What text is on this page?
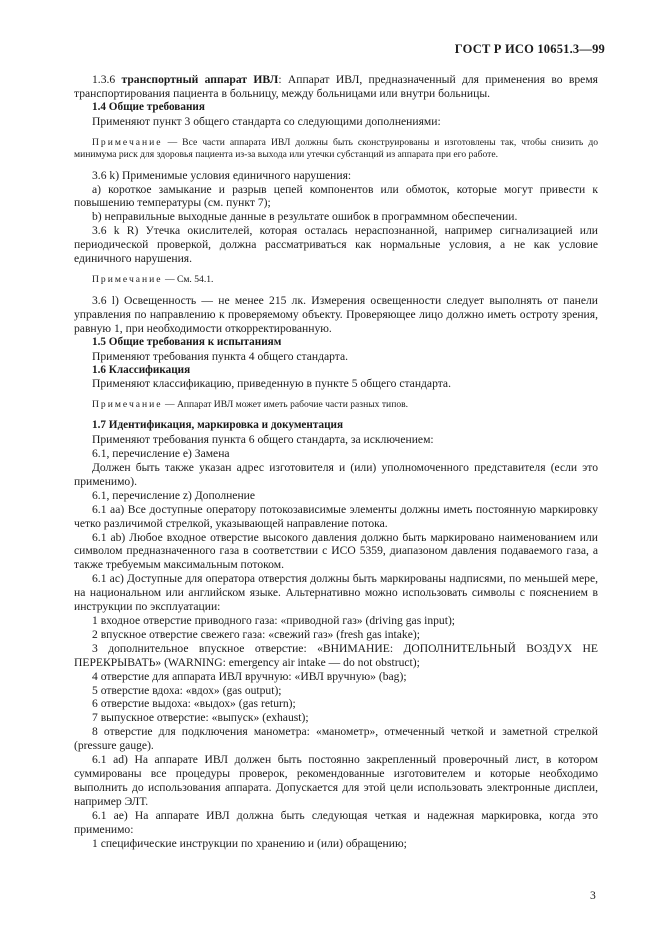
ГОСТ Р ИСО 10651.3—99

1.3.6 транспортный аппарат ИВЛ: Аппарат ИВЛ, предназначенный для применения во время транспортирования пациента в больницу, между больницами или внутри больницы.

1.4 Общие требования

Применяют пункт 3 общего стандарта со следующими дополнениями:

Примечание — Все части аппарата ИВЛ должны быть сконструированы и изготовлены так, чтобы снизить до минимума риск для здоровья пациента из-за выхода или утечки субстанций из аппарата при его работе.

3.6 k) Применимые условия единичного нарушения:

а) короткое замыкание и разрыв цепей компонентов или обмоток, которые могут привести к повышению температуры (см. пункт 7);

b) неправильные выходные данные в результате ошибок в программном обеспечении.

3.6 k R) Утечка окислителей, которая осталась нераспознанной, например сигнализацией или периодической проверкой, должна рассматриваться как нормальные условия, а не как условие единичного нарушения.

Примечание — См. 54.1.

3.6 l) Освещенность — не менее 215 лк. Измерения освещенности следует выполнять от панели управления по направлению к проверяемому объекту. Проверяющее лицо должно иметь остроту зрения, равную 1, при необходимости откорректированную.

1.5 Общие требования к испытаниям

Применяют требования пункта 4 общего стандарта.

1.6 Классификация

Применяют классификацию, приведенную в пункте 5 общего стандарта.

Примечание — Аппарат ИВЛ может иметь рабочие части разных типов.

1.7 Идентификация, маркировка и документация

Применяют требования пункта 6 общего стандарта, за исключением:

6.1, перечисление е) Замена

Должен быть также указан адрес изготовителя и (или) уполномоченного представителя (если это применимо).

6.1, перечисление z) Дополнение

6.1 аа) Все доступные оператору потокозависимые элементы должны иметь постоянную маркировку четко различимой стрелкой, указывающей направление потока.

6.1 ab) Любое входное отверстие высокого давления должно быть маркировано наименованием или символом предназначенного газа в соответствии с ИСО 5359, диапазоном давления подаваемого газа, а также требуемым максимальным потоком.

6.1 ас) Доступные для оператора отверстия должны быть маркированы надписями, по меньшей мере, на национальном или английском языке. Альтернативно можно использовать символы с пояснением в инструкции по эксплуатации:

1 входное отверстие приводного газа: «приводной газ» (driving gas input);

2 впускное отверстие свежего газа: «свежий газ» (fresh gas intake);

3 дополнительное впускное отверстие: «ВНИМАНИЕ: ДОПОЛНИТЕЛЬНЫЙ ВОЗДУХ НЕ ПЕРЕКРЫВАТЬ» (WARNING: emergency air intake — do not obstruct);

4 отверстие для аппарата ИВЛ вручную: «ИВЛ вручную» (bag);

5 отверстие вдоха: «вдох» (gas output);

6 отверстие выдоха: «выдох» (gas return);

7 выпускное отверстие: «выпуск» (exhaust);

8 отверстие для подключения манометра: «манометр», отмеченный четкой и заметной стрелкой (pressure gauge).

6.1 ad) На аппарате ИВЛ должен быть постоянно закрепленный проверочный лист, в котором суммированы все процедуры проверок, рекомендованные изготовителем и которые необходимо выполнить до использования аппарата. Допускается для этой цели использовать электронные дисплеи, например ЭЛТ.

6.1 ае) На аппарате ИВЛ должна быть следующая четкая и надежная маркировка, когда это применимо:

1 специфические инструкции по хранению и (или) обращению;

3
